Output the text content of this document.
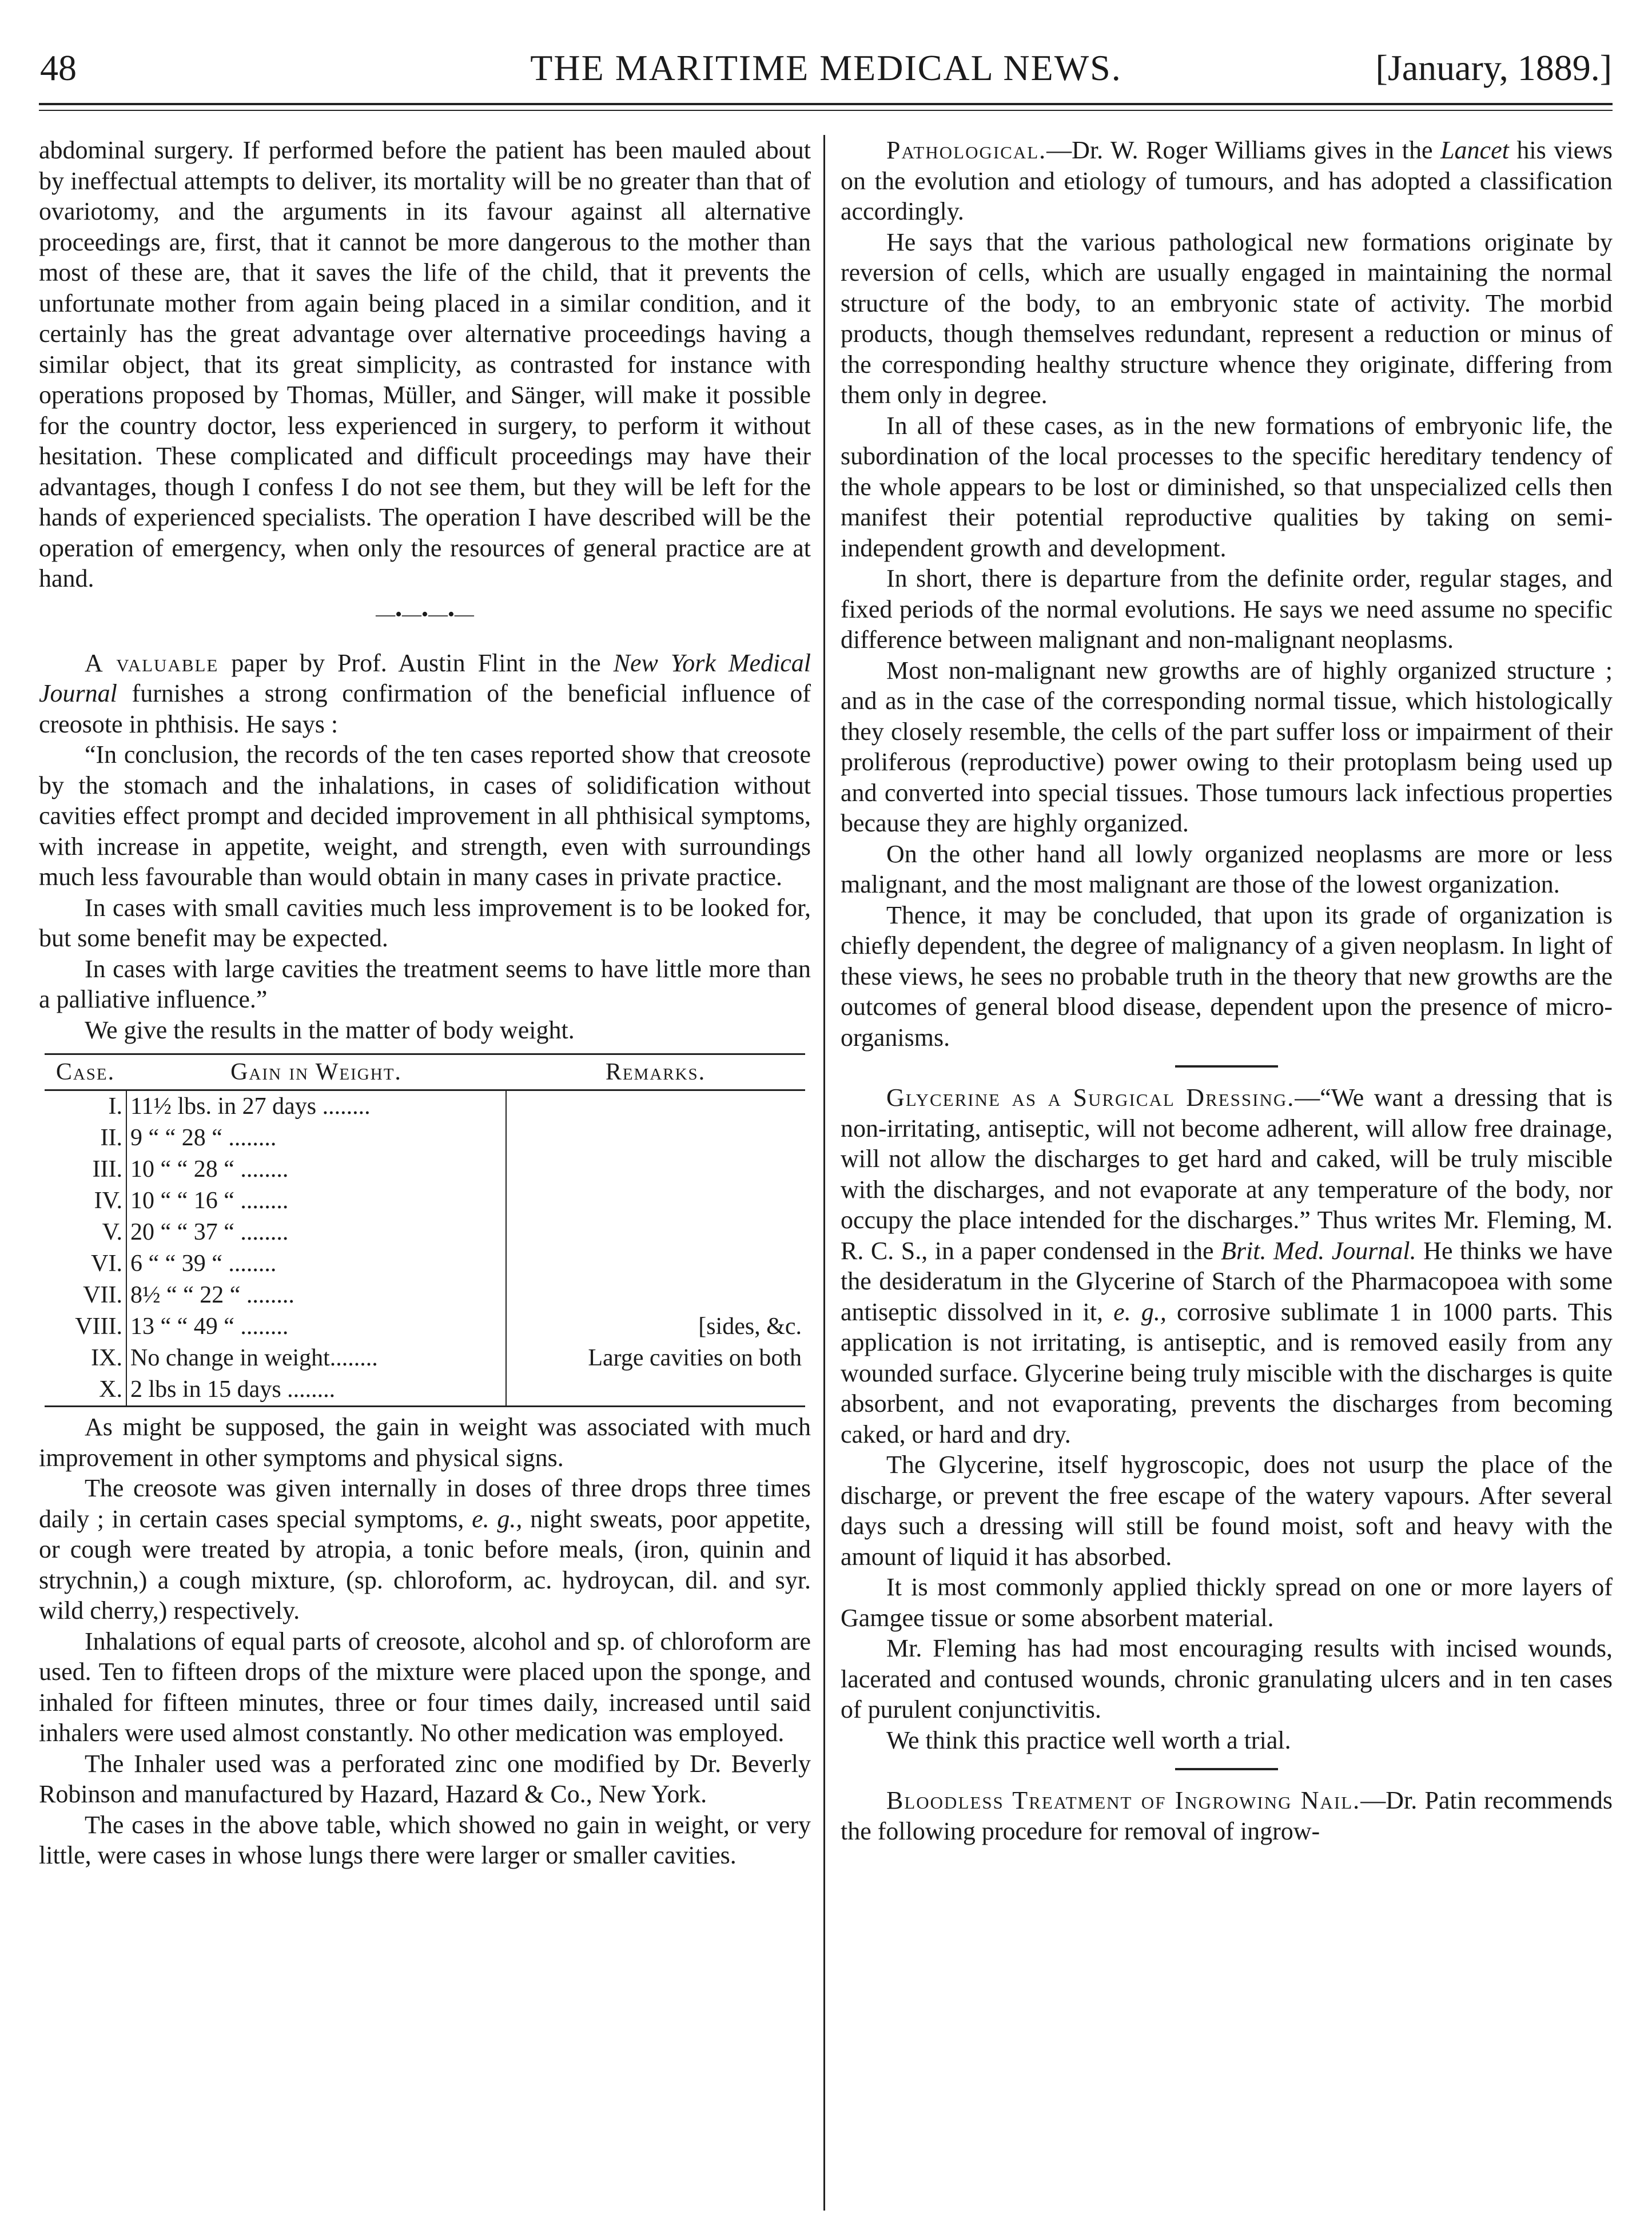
48	THE MARITIME MEDICAL NEWS.	[January, 1889.]

abdominal surgery. If performed before the patient has been mauled about by ineffectual attempts to deliver, its mortality will be no greater than that of ovariotomy, and the arguments in its favour against all alternative proceedings are, first, that it cannot be more dangerous to the mother than most of these are, that it saves the life of the child, that it prevents the unfortunate mother from again being placed in a similar condition, and it certainly has the great advantage over alternative proceedings having a similar object, that its great simplicity, as contrasted for instance with operations proposed by Thomas, Müller, and Sänger, will make it possible for the country doctor, less experienced in surgery, to perform it without hesitation. These complicated and difficult proceedings may have their advantages, though I confess I do not see them, but they will be left for the hands of experienced specialists. The operation I have described will be the operation of emergency, when only the resources of general practice are at hand.

—•—•—•—

A valuable paper by Prof. Austin Flint in the New York Medical Journal furnishes a strong confirmation of the beneficial influence of creosote in phthisis. He says :

“In conclusion, the records of the ten cases reported show that creosote by the stomach and the inhalations, in cases of solidification without cavities effect prompt and decided improvement in all phthisical symptoms, with increase in appetite, weight, and strength, even with surroundings much less favourable than would obtain in many cases in private practice.

In cases with small cavities much less improvement is to be looked for, but some benefit may be expected.

In cases with large cavities the treatment seems to have little more than a palliative influence.”

We give the results in the matter of body weight.

Case.	Gain in Weight.	Remarks.
I.	11½ lbs. in 27 days ........	
II.	9 “ “ 28 “ ........	
III.	10 “ “ 28 “ ........	
IV.	10 “ “ 16 “ ........	
V.	20 “ “ 37 “ ........	
VI.	6 “ “ 39 “ ........	
VII.	8½ “ “ 22 “ ........	
VIII.	13 “ “ 49 “ ........	[sides, &c.
IX.	No change in weight........	Large cavities on both
X.	2 lbs in 15 days ........	

As might be supposed, the gain in weight was associated with much improvement in other symptoms and physical signs.

The creosote was given internally in doses of three drops three times daily ; in certain cases special symptoms, e. g., night sweats, poor appetite, or cough were treated by atropia, a tonic before meals, (iron, quinin and strychnin,) a cough mixture, (sp. chloroform, ac. hydroycan, dil. and syr. wild cherry,) respectively.

Inhalations of equal parts of creosote, alcohol and sp. of chloroform are used. Ten to fifteen drops of the mixture were placed upon the sponge, and inhaled for fifteen minutes, three or four times daily, increased until said inhalers were used almost constantly. No other medication was employed.

The Inhaler used was a perforated zinc one modified by Dr. Beverly Robinson and manufactured by Hazard, Hazard & Co., New York.

The cases in the above table, which showed no gain in weight, or very little, were cases in whose lungs there were larger or smaller cavities.

Pathological.—Dr. W. Roger Williams gives in the Lancet his views on the evolution and etiology of tumours, and has adopted a classification accordingly.

He says that the various pathological new formations originate by reversion of cells, which are usually engaged in maintaining the normal structure of the body, to an embryonic state of activity. The morbid products, though themselves redundant, represent a reduction or minus of the corresponding healthy structure whence they originate, differing from them only in degree.

In all of these cases, as in the new formations of embryonic life, the subordination of the local processes to the specific hereditary tendency of the whole appears to be lost or diminished, so that unspecialized cells then manifest their potential reproductive qualities by taking on semi-independent growth and development.

In short, there is departure from the definite order, regular stages, and fixed periods of the normal evolutions. He says we need assume no specific difference between malignant and non-malignant neoplasms.

Most non-malignant new growths are of highly organized structure ; and as in the case of the corresponding normal tissue, which histologically they closely resemble, the cells of the part suffer loss or impairment of their proliferous (reproductive) power owing to their protoplasm being used up and converted into special tissues. Those tumours lack infectious properties because they are highly organized.

On the other hand all lowly organized neoplasms are more or less malignant, and the most malignant are those of the lowest organization.

Thence, it may be concluded, that upon its grade of organization is chiefly dependent, the degree of malignancy of a given neoplasm. In light of these views, he sees no probable truth in the theory that new growths are the outcomes of general blood disease, dependent upon the presence of micro-organisms.

Glycerine as a Surgical Dressing.—“We want a dressing that is non-irritating, antiseptic, will not become adherent, will allow free drainage, will not allow the discharges to get hard and caked, will be truly miscible with the discharges, and not evaporate at any temperature of the body, nor occupy the place intended for the discharges.” Thus writes Mr. Fleming, M. R. C. S., in a paper condensed in the Brit. Med. Journal. He thinks we have the desideratum in the Glycerine of Starch of the Pharmacopoea with some antiseptic dissolved in it, e. g., corrosive sublimate 1 in 1000 parts. This application is not irritating, is antiseptic, and is removed easily from any wounded surface. Glycerine being truly miscible with the discharges is quite absorbent, and not evaporating, prevents the discharges from becoming caked, or hard and dry.

The Glycerine, itself hygroscopic, does not usurp the place of the discharge, or prevent the free escape of the watery vapours. After several days such a dressing will still be found moist, soft and heavy with the amount of liquid it has absorbed.

It is most commonly applied thickly spread on one or more layers of Gamgee tissue or some absorbent material.

Mr. Fleming has had most encouraging results with incised wounds, lacerated and contused wounds, chronic granulating ulcers and in ten cases of purulent conjunctivitis.

We think this practice well worth a trial.

Bloodless Treatment of Ingrowing Nail.—Dr. Patin recommends the following procedure for removal of ingrow-
